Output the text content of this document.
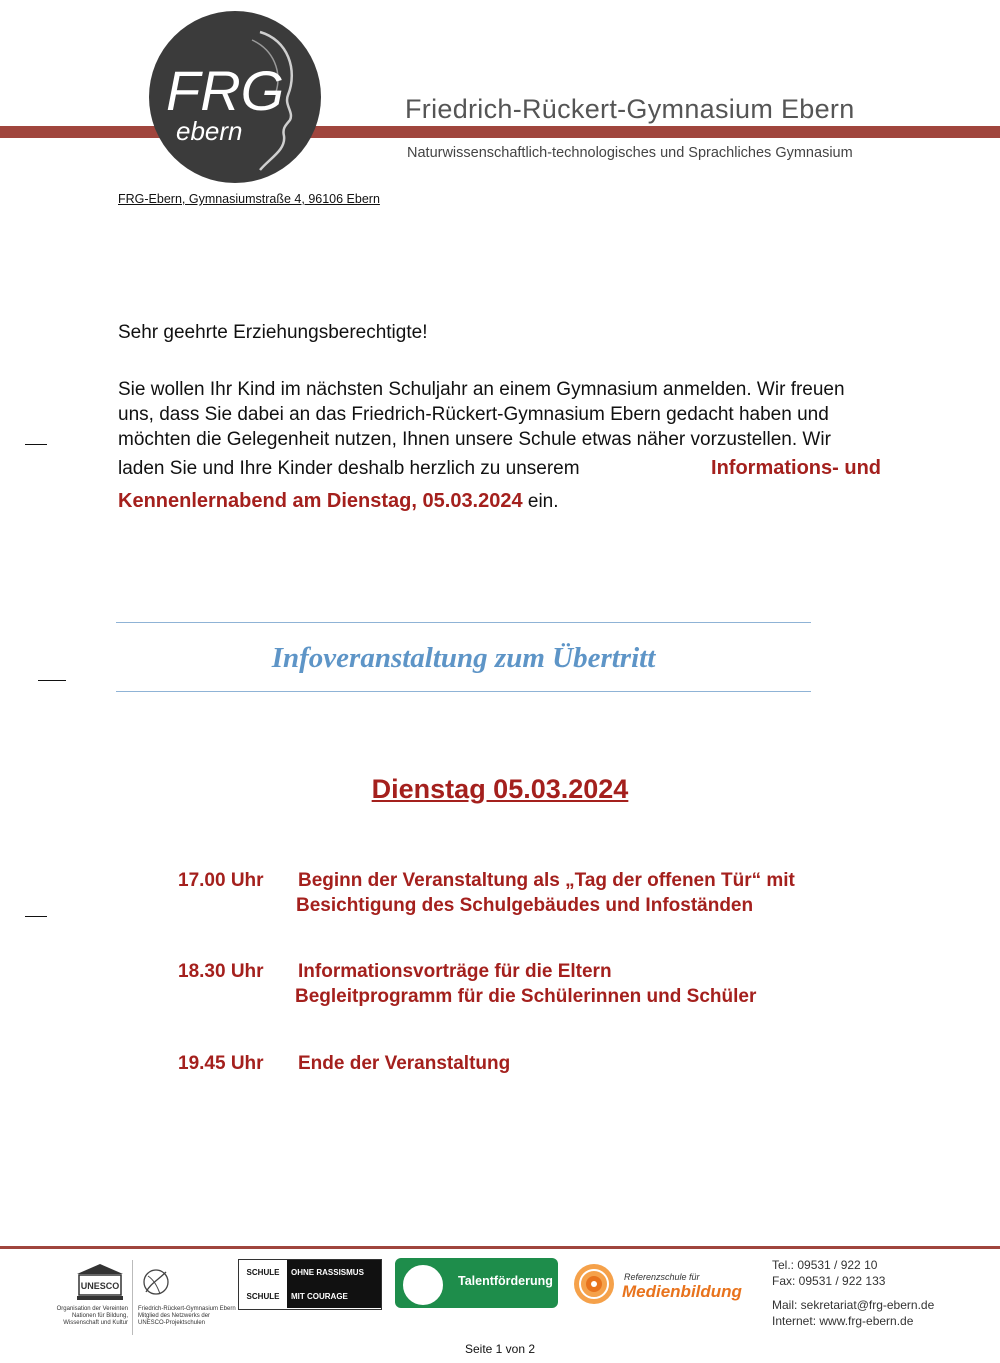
FRG
ebern
Friedrich-Rückert-Gymnasium Ebern
Naturwissenschaftlich-technologisches und Sprachliches Gymnasium
FRG-Ebern, Gymnasiumstraße 4, 96106 Ebern
Sehr geehrte Erziehungsberechtigte!
Sie wollen Ihr Kind im nächsten Schuljahr an einem Gymnasium anmelden. Wir freuen
uns, dass Sie dabei an das Friedrich-Rückert-Gymnasium Ebern gedacht haben und
möchten die Gelegenheit nutzen, Ihnen unsere Schule etwas näher vorzustellen. Wir
laden Sie und Ihre Kinder deshalb herzlich zu unserem	Informations- und
Kennenlernabend am Dienstag, 05.03.2024 ein.
Infoveranstaltung zum Übertritt
Dienstag 05.03.2024
17.00 Uhr Beginn der Veranstaltung als „Tag der offenen Tür“ mit
Besichtigung des Schulgebäudes und Infoständen
18.30 Uhr Informationsvorträge für die Eltern
Begleitprogramm für die Schülerinnen und Schüler
19.45 Uhr Ende der Veranstaltung
UNESCO
Organisation der Vereinten Nationen für Bildung, Wissenschaft und Kultur
Friedrich-Rückert-Gymnasium Ebern Mitglied des Netzwerks der UNESCO-Projektschulen
SCHULE	OHNE RASSISMUS
SCHULE	MIT COURAGE
Talentförderung	Referenzschule für
Medienbildung
Tel.: 09531 / 922 10
Fax: 09531 / 922 133
Mail: sekretariat@frg-ebern.de
Internet: www.frg-ebern.de
Seite 1 von 2
